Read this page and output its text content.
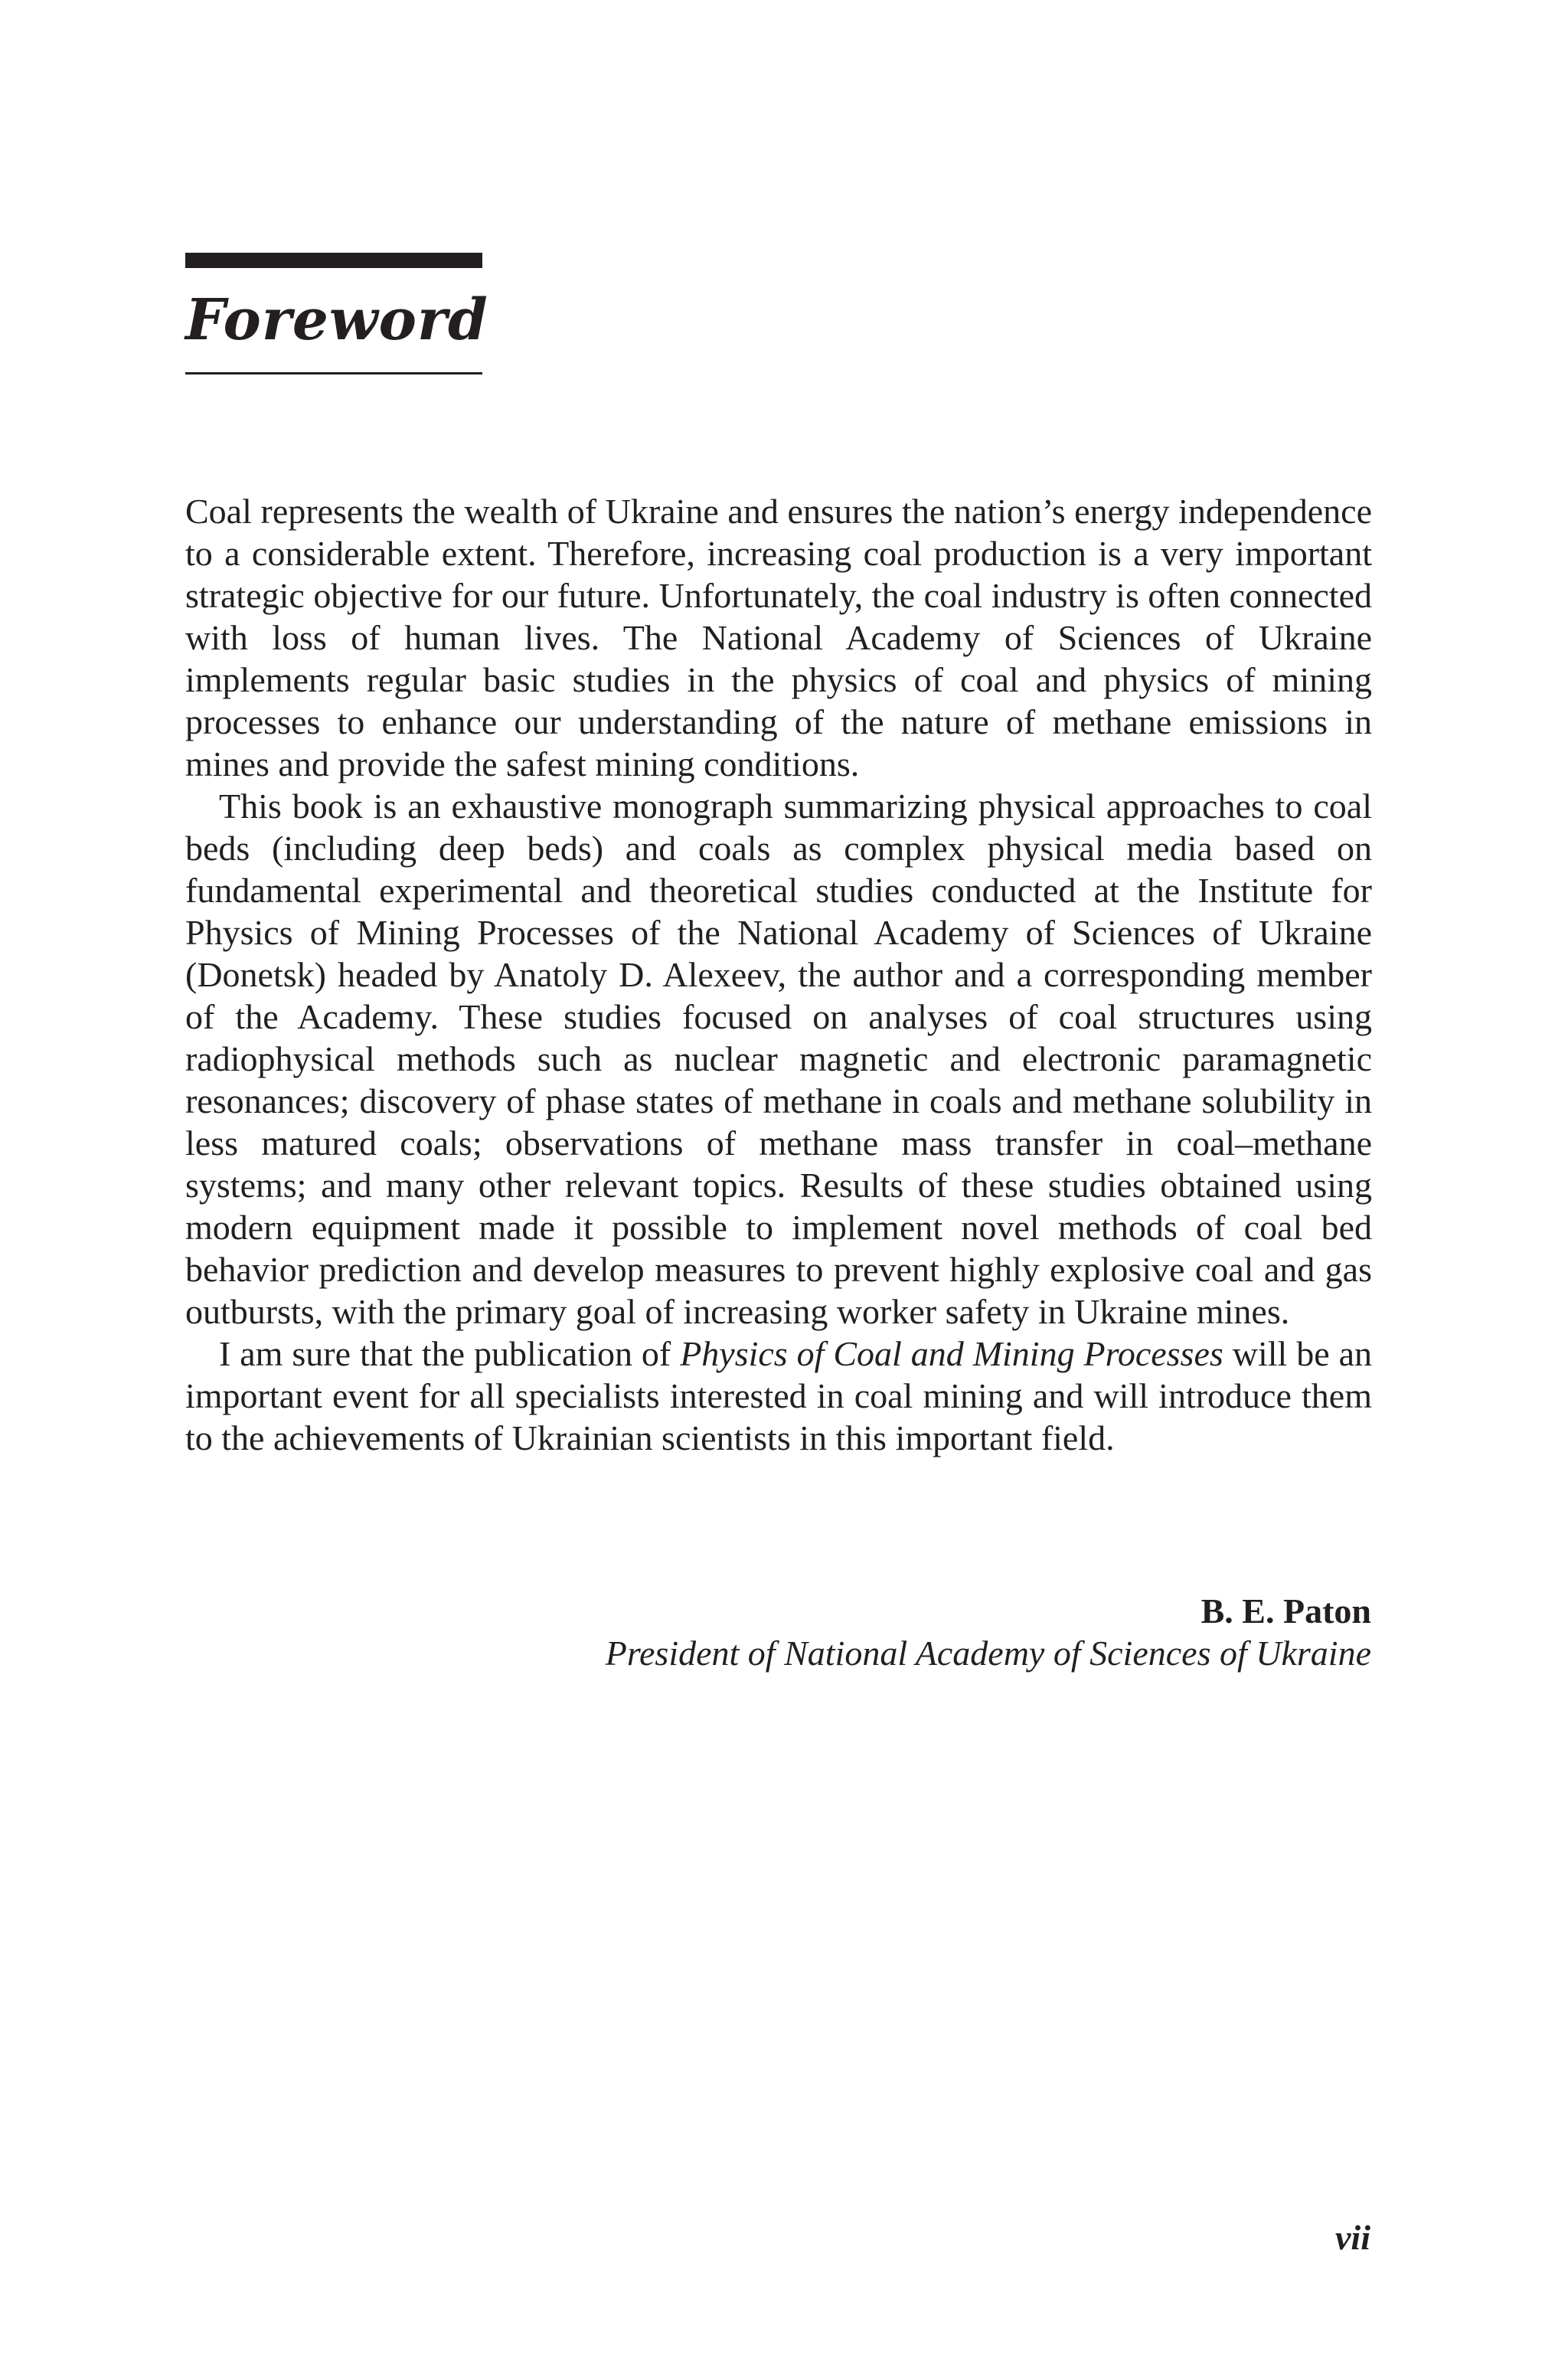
Foreword

Coal represents the wealth of Ukraine and ensures the nation’s energy independence to a considerable extent. Therefore, increasing coal production is a very important strategic objective for our future. Unfortunately, the coal industry is often connected with loss of human lives. The National Academy of Sciences of Ukraine implements regular basic studies in the physics of coal and physics of mining processes to enhance our understanding of the nature of methane emissions in mines and provide the safest mining conditions.

This book is an exhaustive monograph summarizing physical approaches to coal beds (including deep beds) and coals as complex physical media based on fundamental experimental and theoretical studies conducted at the Institute for Physics of Mining Processes of the National Academy of Sciences of Ukraine (Donetsk) headed by Anatoly D. Alexeev, the author and a corresponding member of the Academy. These studies focused on analyses of coal structures using radiophysical methods such as nuclear magnetic and electronic paramagnetic resonances; discovery of phase states of methane in coals and methane solubility in less matured coals; observations of methane mass transfer in coal–methane systems; and many other relevant topics. Results of these studies obtained using modern equipment made it possible to implement novel methods of coal bed behavior prediction and develop measures to prevent highly explosive coal and gas outbursts, with the primary goal of increasing worker safety in Ukraine mines.

I am sure that the publication of Physics of Coal and Mining Processes will be an important event for all specialists interested in coal mining and will introduce them to the achievements of Ukrainian scientists in this important field.

B. E. Paton
President of National Academy of Sciences of Ukraine
vii
